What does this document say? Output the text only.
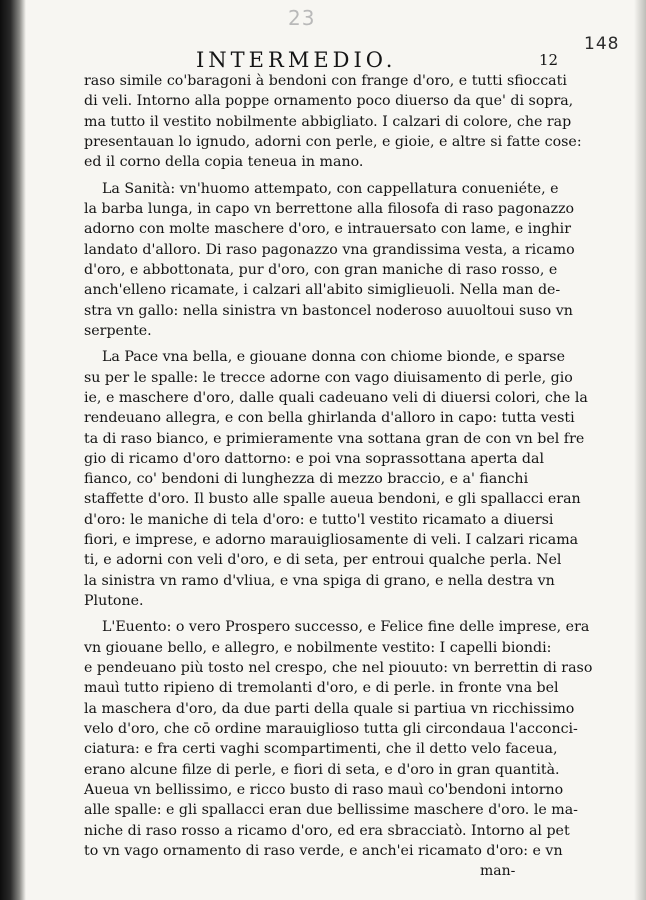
23
148
INTERMEDIO.	12
raso simile co'baragoni à bendoni con frange d'oro, e tutti sfioccati
di veli. Intorno alla poppe ornamento poco diuerso da que' di sopra,
ma tutto il vestito nobilmente abbigliato. I calzari di colore, che rap
presentauan lo ignudo, adorni con perle, e gioie, e altre si fatte cose:
ed il corno della copia teneua in mano.
La Sanità: vn'huomo attempato, con cappellatura conueniéte, e
la barba lunga, in capo vn berrettone alla filosofa di raso pagonazzo
adorno con molte maschere d'oro, e intrauersato con lame, e inghir
landato d'alloro. Di raso pagonazzo vna grandissima vesta, a ricamo
d'oro, e abbottonata, pur d'oro, con gran maniche di raso rosso, e
anch'elleno ricamate, i calzari all'abito simiglieuoli. Nella man de-
stra vn gallo: nella sinistra vn bastoncel noderoso auuoltoui suso vn
serpente.
La Pace vna bella, e giouane donna con chiome bionde, e sparse
su per le spalle: le trecce adorne con vago diuisamento di perle, gio
ie, e maschere d'oro, dalle quali cadeuano veli di diuersi colori, che la
rendeuano allegra, e con bella ghirlanda d'alloro in capo: tutta vesti
ta di raso bianco, e primieramente vna sottana gran de con vn bel fre
gio di ricamo d'oro dattorno: e poi vna soprassottana aperta dal
fianco, co' bendoni di lunghezza di mezzo braccio, e a' fianchi
staffette d'oro. Il busto alle spalle aueua bendoni, e gli spallacci eran
d'oro: le maniche di tela d'oro: e tutto'l vestito ricamato a diuersi
fiori, e imprese, e adorno marauigliosamente di veli. I calzari ricama
ti, e adorni con veli d'oro, e di seta, per entroui qualche perla. Nel
la sinistra vn ramo d'vliua, e vna spiga di grano, e nella destra vn
Plutone.
L'Euento: o vero Prospero successo, e Felice fine delle imprese, era
vn giouane bello, e allegro, e nobilmente vestito: I capelli biondi:
e pendeuano più tosto nel crespo, che nel piouuto: vn berrettin di raso
mauì tutto ripieno di tremolanti d'oro, e di perle. in fronte vna bel
la maschera d'oro, da due parti della quale si partiua vn ricchissimo
velo d'oro, che cō ordine marauiglioso tutta gli circondaua l'acconci-
ciatura: e fra certi vaghi scompartimenti, che il detto velo faceua,
erano alcune filze di perle, e fiori di seta, e d'oro in gran quantità.
Aueua vn bellissimo, e ricco busto di raso mauì co'bendoni intorno
alle spalle: e gli spallacci eran due bellissime maschere d'oro. le ma-
niche di raso rosso a ricamo d'oro, ed era sbracciatò. Intorno al pet
to vn vago ornamento di raso verde, e anch'ei ricamato d'oro: e vn
man-
